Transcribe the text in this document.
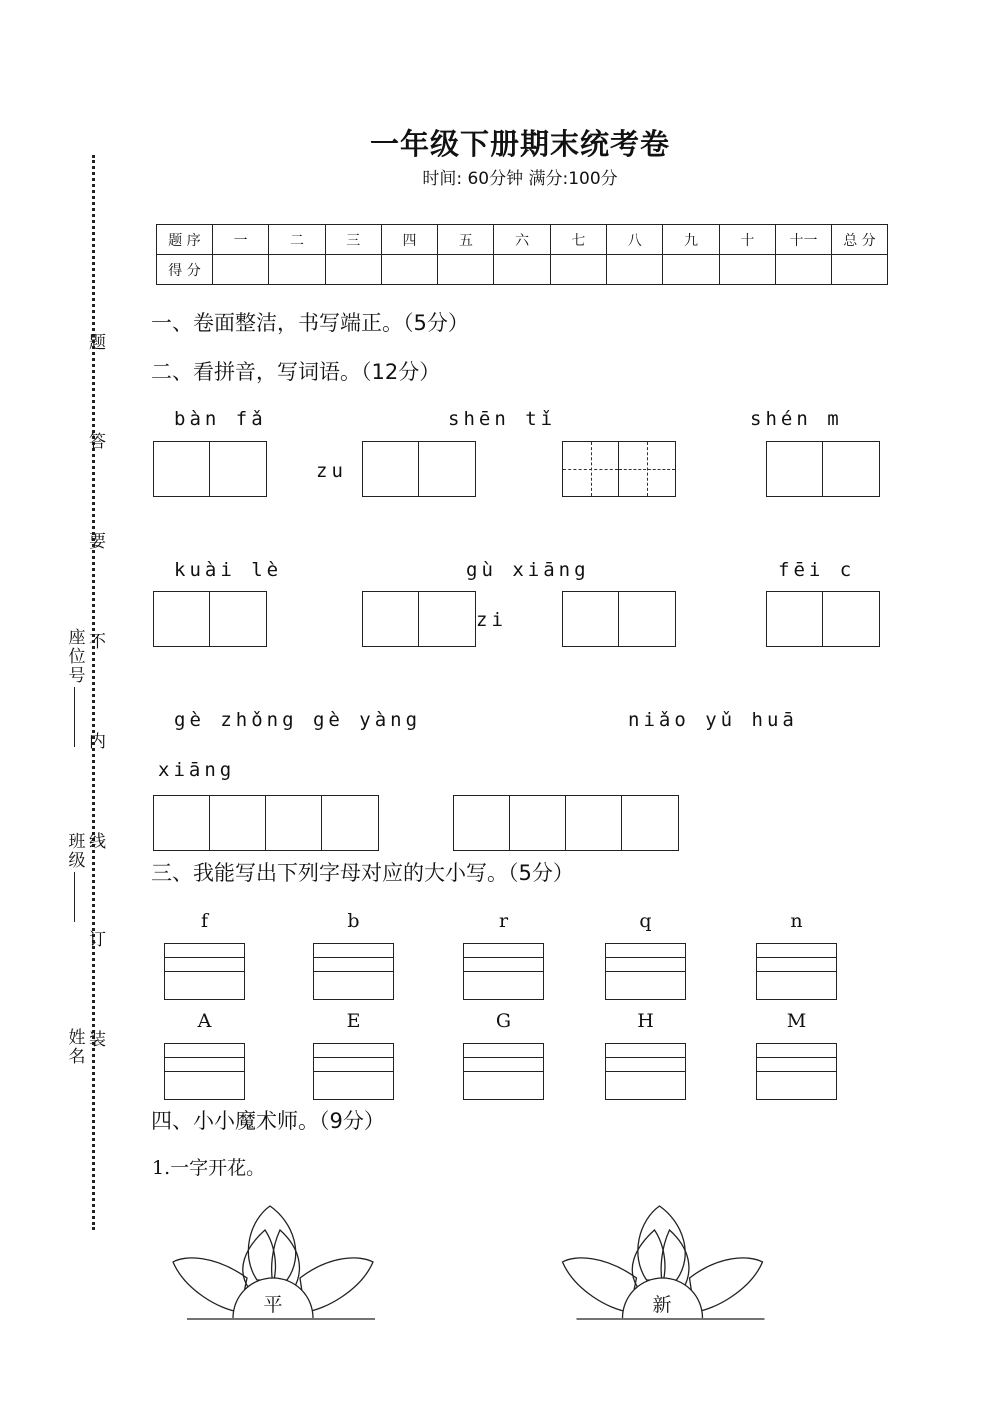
一年级下册期末统考卷
时间: 60分钟 满分:100分
题
答
要
不
内
线
订
装
座位号
班级
姓名
题 序	一	二	三	四	五	六	七	八	九	十	十一	总 分
得 分												
一、卷面整洁，书写端正。（5分）
二、看拼音，写词语。（12分）
bàn fǎ
zu
shēn tǐ	shén m
kuài lè
zi
gù xiāng	fēi c
gè zhǒng gè yàng	niǎo yǔ huā
xiāng
三、我能写出下列字母对应的大小写。（5分）
f	b	r	q	n
A	E	G	H	M
四、小小魔术师。（9分）
1.一字开花。
平	新
